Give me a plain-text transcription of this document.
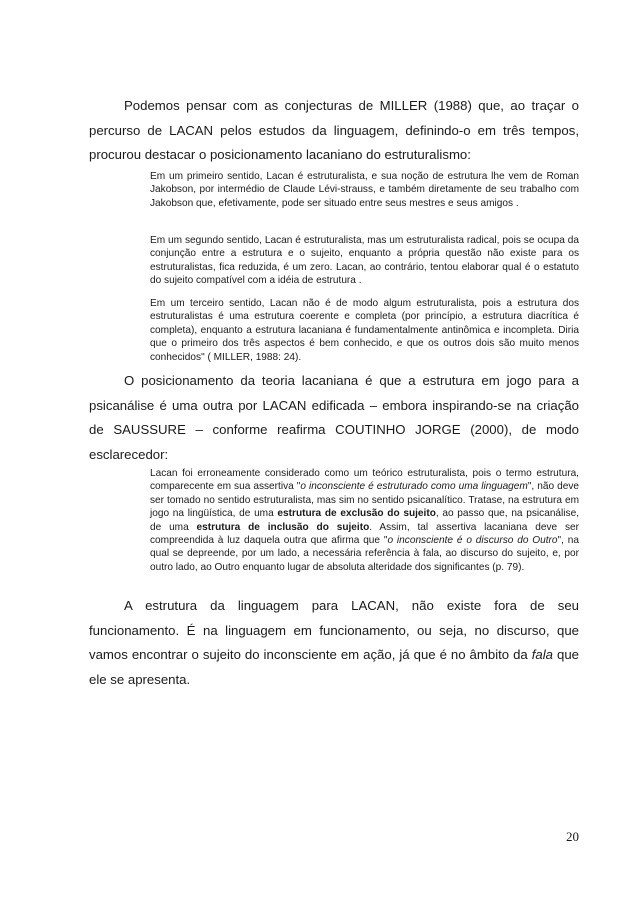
Podemos pensar com as conjecturas de MILLER (1988) que, ao traçar o percurso de LACAN pelos estudos da linguagem, definindo-o em três tempos, procurou destacar o posicionamento lacaniano do estruturalismo:

Em um primeiro sentido, Lacan é estruturalista, e sua noção de estrutura lhe vem de Roman Jakobson, por intermédio de Claude Lévi-strauss, e também diretamente de seu trabalho com Jakobson que, efetivamente, pode ser situado entre seus mestres e seus amigos .

Em um segundo sentido, Lacan é estruturalista, mas um estruturalista radical, pois se ocupa da conjunção entre a estrutura e o sujeito, enquanto a própria questão não existe para os estruturalistas, fica reduzida, é um zero. Lacan, ao contrário, tentou elaborar qual é o estatuto do sujeito compatível com a idéia de estrutura .

Em um terceiro sentido, Lacan não é de modo algum estruturalista, pois a estrutura dos estruturalistas é uma estrutura coerente e completa (por princípio, a estrutura diacrítica é completa), enquanto a estrutura lacaniana é fundamentalmente antinômica e incompleta. Diria que o primeiro dos três aspectos é bem conhecido, e que os outros dois são muito menos conhecidos" ( MILLER, 1988: 24).

O posicionamento da teoria lacaniana é que a estrutura em jogo para a psicanálise é uma outra por LACAN edificada – embora inspirando-se na criação de SAUSSURE – conforme reafirma COUTINHO JORGE (2000), de modo esclarecedor:

Lacan foi erroneamente considerado como um teórico estruturalista, pois o termo estrutura, comparecente em sua assertiva "o inconsciente é estruturado como uma linguagem", não deve ser tomado no sentido estruturalista, mas sim no sentido psicanalítico. Tratase, na estrutura em jogo na lingüística, de uma estrutura de exclusão do sujeito, ao passo que, na psicanálise, de uma estrutura de inclusão do sujeito. Assim, tal assertiva lacaniana deve ser compreendida à luz daquela outra que afirma que "o inconsciente é o discurso do Outro", na qual se depreende, por um lado, a necessária referência à fala, ao discurso do sujeito, e, por outro lado, ao Outro enquanto lugar de absoluta alteridade dos significantes (p. 79).

A estrutura da linguagem para LACAN, não existe fora de seu funcionamento. É na linguagem em funcionamento, ou seja, no discurso, que vamos encontrar o sujeito do inconsciente em ação, já que é no âmbito da fala que ele se apresenta.

20
